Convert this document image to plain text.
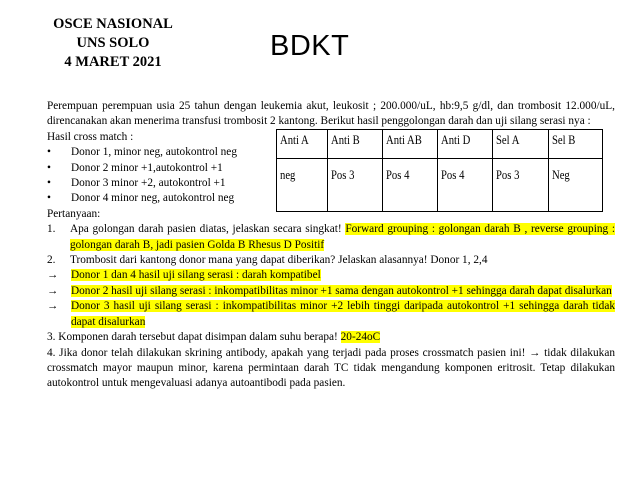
OSCE NASIONAL
UNS SOLO
4 MARET 2021	BDKT

Perempuan perempuan usia 25 tahun dengan leukemia akut, leukosit ; 200.000/uL, hb:9,5 g/dl, dan trombosit 12.000/uL, direncanakan akan menerima transfusi trombosit 2 kantong. Berikut hasil penggolongan darah dan uji silang serasi nya :

Hasil cross match :

•	Donor 1, minor neg, autokontrol neg
•	Donor 2 minor +1,autokontrol +1
•	Donor 3 minor +2, autokontrol +1
•	Donor 4 minor neg, autokontrol neg

Pertanyaan:

1.	Apa golongan darah pasien diatas, jelaskan secara singkat! Forward grouping : golongan darah B , reverse grouping : golongan darah B, jadi pasien Golda B Rhesus D Positif
2.	Trombosit dari kantong donor mana yang dapat diberikan? Jelaskan alasannya! Donor 1, 2,4
→	Donor 1 dan 4 hasil uji silang serasi : darah kompatibel
→	Donor 2 hasil uji silang serasi : inkompatibilitas minor +1 sama dengan autokontrol +1 sehingga darah dapat disalurkan
→	Donor 3 hasil uji silang serasi : inkompatibilitas minor +2 lebih tinggi daripada autokontrol +1 sehingga darah tidak dapat disalurkan

3. Komponen darah tersebut dapat disimpan dalam suhu berapa! 20-24oC

4. Jika donor telah dilakukan skrining antibody, apakah yang terjadi pada proses crossmatch pasien ini! → tidak dilakukan crossmatch mayor maupun minor, karena permintaan darah TC tidak mengandung komponen eritrosit. Tetap dilakukan autokontrol untuk mengevaluasi adanya autoantibodi pada pasien.

Anti A	Anti B	Anti AB	Anti D	Sel A	Sel B
neg	Pos 3	Pos 4	Pos 4	Pos 3	Neg
